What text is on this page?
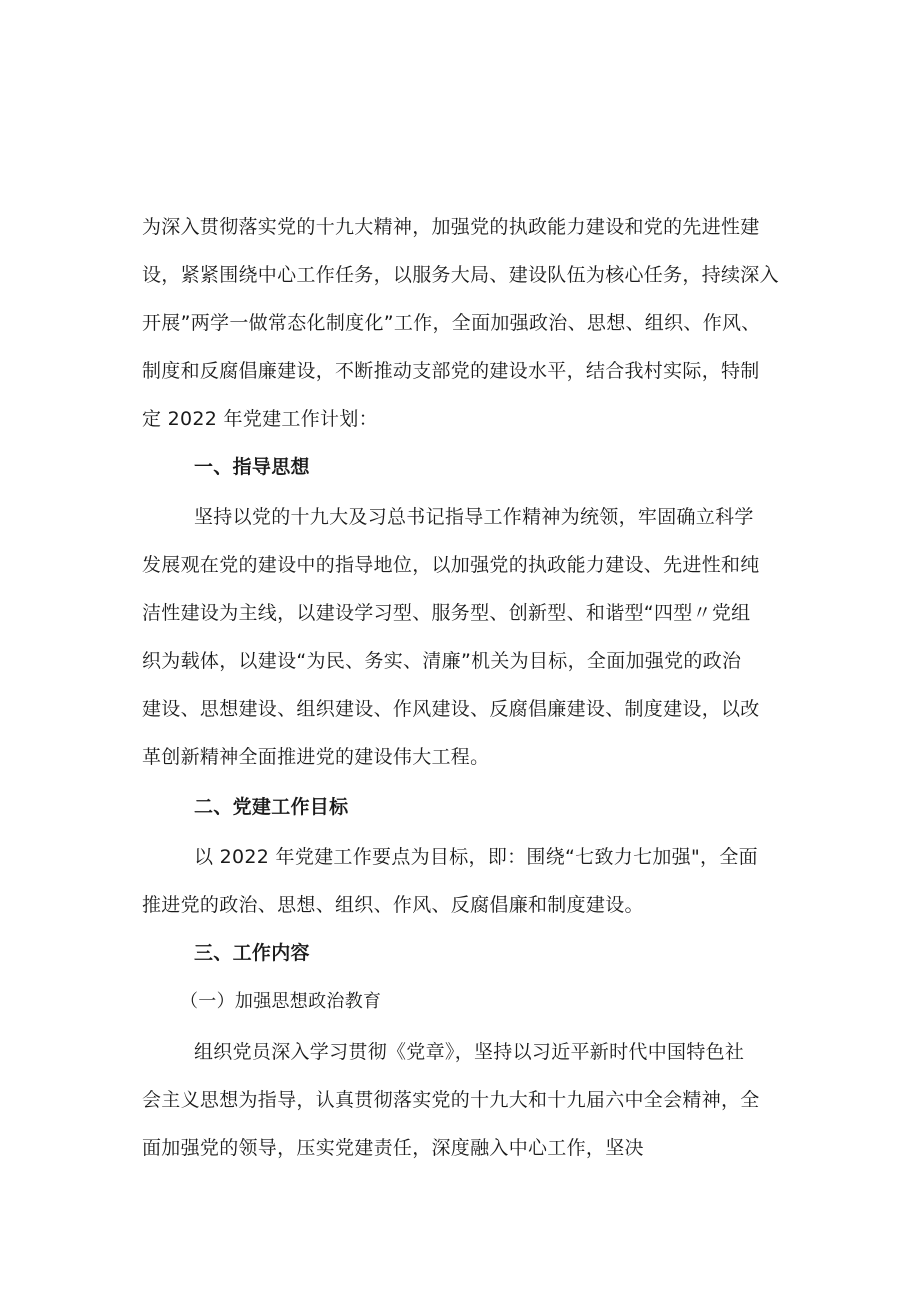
为深入贯彻落实党的十九大精神，加强党的执政能力建设和党的先进性建
设，紧紧围绕中心工作任务，以服务大局、建设队伍为核心任务，持续深入
开展”两学一做常态化制度化”工作，全面加强政治、思想、组织、作风、
制度和反腐倡廉建设，不断推动支部党的建设水平，结合我村实际，特制
定 2022 年党建工作计划：
一、指导思想
坚持以党的十九大及习总书记指导工作精神为统领，牢固确立科学
发展观在党的建设中的指导地位，以加强党的执政能力建设、先进性和纯
洁性建设为主线，以建设学习型、服务型、创新型、和谐型“四型〃党组
织为载体，以建设“为民、务实、清廉”机关为目标，全面加强党的政治
建设、思想建设、组织建设、作风建设、反腐倡廉建设、制度建设，以改
革创新精神全面推进党的建设伟大工程。
二、党建工作目标
以 2022 年党建工作要点为目标，即：围绕“七致力七加强"，全面
推进党的政治、思想、组织、作风、反腐倡廉和制度建设。
三、工作内容
（一）加强思想政治教育
组织党员深入学习贯彻《党章》，坚持以习近平新时代中国特色社
会主义思想为指导，认真贯彻落实党的十九大和十九届六中全会精神，全
面加强党的领导，压实党建责任，深度融入中心工作，坚决
